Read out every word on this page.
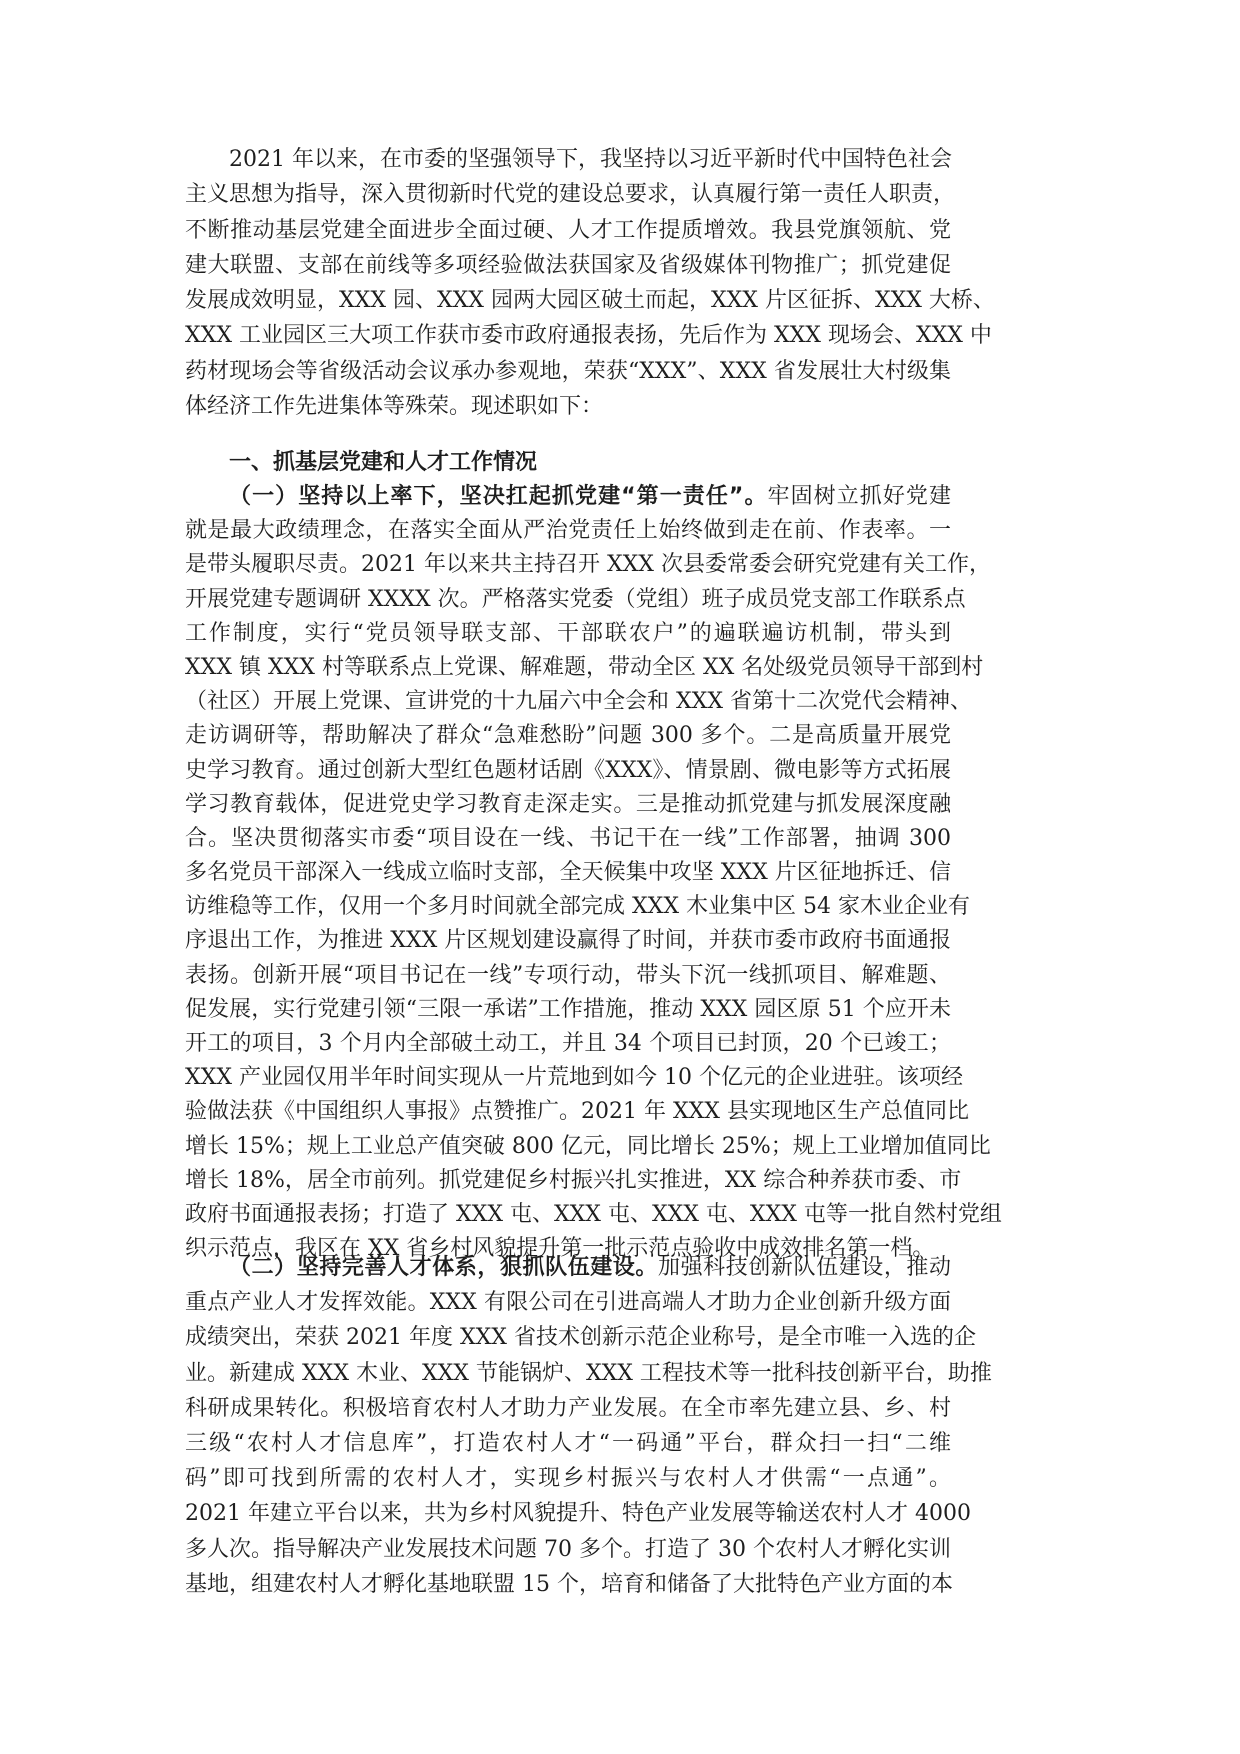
2021 年以来，在市委的坚强领导下，我坚持以习近平新时代中国特色社会
主义思想为指导，深入贯彻新时代党的建设总要求，认真履行第一责任人职责，
不断推动基层党建全面进步全面过硬、人才工作提质增效。我县党旗领航、党
建大联盟、支部在前线等多项经验做法获国家及省级媒体刊物推广；抓党建促
发展成效明显，XXX 园、XXX 园两大园区破土而起，XXX 片区征拆、XXX 大桥、
XXX 工业园区三大项工作获市委市政府通报表扬，先后作为 XXX 现场会、XXX 中
药材现场会等省级活动会议承办参观地，荣获“XXX”、XXX 省发展壮大村级集
体经济工作先进集体等殊荣。现述职如下：
一、抓基层党建和人才工作情况
（一）坚持以上率下，坚决扛起抓党建“第一责任”。牢固树立抓好党建
就是最大政绩理念，在落实全面从严治党责任上始终做到走在前、作表率。一
是带头履职尽责。2021 年以来共主持召开 XXX 次县委常委会研究党建有关工作，
开展党建专题调研 XXXX 次。严格落实党委（党组）班子成员党支部工作联系点
工作制度，实行“党员领导联支部、干部联农户”的遍联遍访机制，带头到
XXX 镇 XXX 村等联系点上党课、解难题，带动全区 XX 名处级党员领导干部到村
（社区）开展上党课、宣讲党的十九届六中全会和 XXX 省第十二次党代会精神、
走访调研等，帮助解决了群众“急难愁盼”问题 300 多个。二是高质量开展党
史学习教育。通过创新大型红色题材话剧《XXX》、情景剧、微电影等方式拓展
学习教育载体，促进党史学习教育走深走实。三是推动抓党建与抓发展深度融
合。坚决贯彻落实市委“项目设在一线、书记干在一线”工作部署，抽调 300
多名党员干部深入一线成立临时支部，全天候集中攻坚 XXX 片区征地拆迁、信
访维稳等工作，仅用一个多月时间就全部完成 XXX 木业集中区 54 家木业企业有
序退出工作，为推进 XXX 片区规划建设赢得了时间，并获市委市政府书面通报
表扬。创新开展“项目书记在一线”专项行动，带头下沉一线抓项目、解难题、
促发展，实行党建引领“三限一承诺”工作措施，推动 XXX 园区原 51 个应开未
开工的项目，3 个月内全部破土动工，并且 34 个项目已封顶，20 个已竣工；
XXX 产业园仅用半年时间实现从一片荒地到如今 10 个亿元的企业进驻。该项经
验做法获《中国组织人事报》点赞推广。2021 年 XXX 县实现地区生产总值同比
增长 15%；规上工业总产值突破 800 亿元，同比增长 25%；规上工业增加值同比
增长 18%，居全市前列。抓党建促乡村振兴扎实推进，XX 综合种养获市委、市
政府书面通报表扬；打造了 XXX 屯、XXX 屯、XXX 屯、XXX 屯等一批自然村党组
织示范点，我区在 XX 省乡村风貌提升第一批示范点验收中成效排名第一档。
（二）坚持完善人才体系，狠抓队伍建设。加强科技创新队伍建设，推动
重点产业人才发挥效能。XXX 有限公司在引进高端人才助力企业创新升级方面
成绩突出，荣获 2021 年度 XXX 省技术创新示范企业称号，是全市唯一入选的企
业。新建成 XXX 木业、XXX 节能锅炉、XXX 工程技术等一批科技创新平台，助推
科研成果转化。积极培育农村人才助力产业发展。在全市率先建立县、乡、村
三级“农村人才信息库”，打造农村人才“一码通”平台，群众扫一扫“二维
码”即可找到所需的农村人才，实现乡村振兴与农村人才供需“一点通”。
2021 年建立平台以来，共为乡村风貌提升、特色产业发展等输送农村人才 4000
多人次。指导解决产业发展技术问题 70 多个。打造了 30 个农村人才孵化实训
基地，组建农村人才孵化基地联盟 15 个，培育和储备了大批特色产业方面的本
